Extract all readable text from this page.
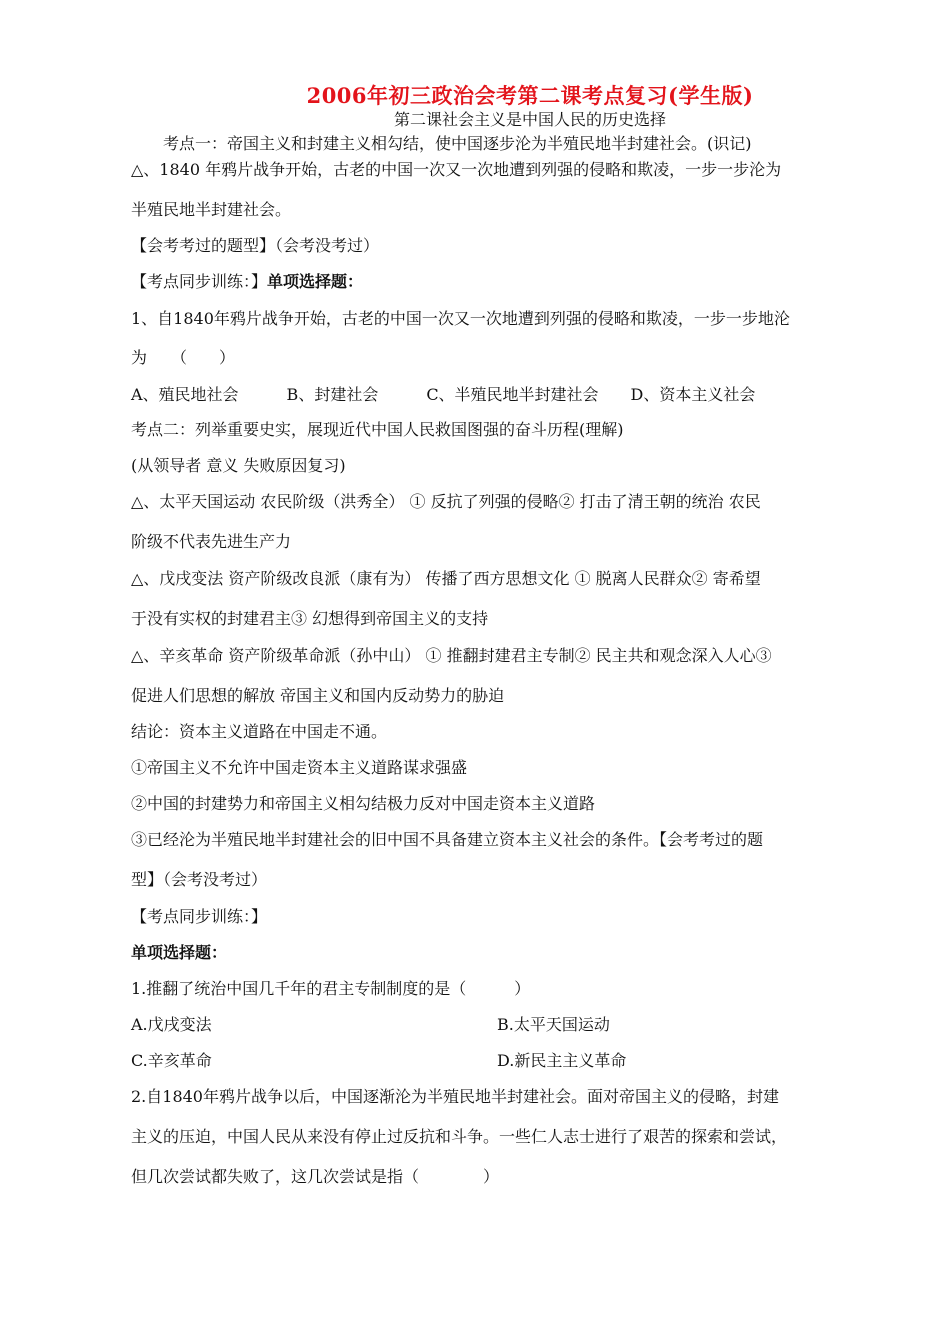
2006年初三政治会考第二课考点复习(学生版)
第二课社会主义是中国人民的历史选择
考点一：帝国主义和封建主义相勾结，使中国逐步沦为半殖民地半封建社会。(识记)
△、1840 年鸦片战争开始，古老的中国一次又一次地遭到列强的侵略和欺凌，一步一步沦为
半殖民地半封建社会。
【会考考过的题型】（会考没考过）
【考点同步训练：】单项选择题：
1、自1840年鸦片战争开始，古老的中国一次又一次地遭到列强的侵略和欺凌，一步一步地沦
为　　（　　）
A、殖民地社会　　　B、封建社会　　　C、半殖民地半封建社会　　D、资本主义社会
考点二：列举重要史实，展现近代中国人民救国图强的奋斗历程(理解)
(从领导者 意义 失败原因复习)
△、太平天国运动 农民阶级（洪秀全） ① 反抗了列强的侵略② 打击了清王朝的统治 农民
阶级不代表先进生产力
△、戊戌变法 资产阶级改良派（康有为） 传播了西方思想文化 ① 脱离人民群众② 寄希望
于没有实权的封建君主③ 幻想得到帝国主义的支持
△、辛亥革命 资产阶级革命派（孙中山） ① 推翻封建君主专制② 民主共和观念深入人心③
促进人们思想的解放 帝国主义和国内反动势力的胁迫
结论：资本主义道路在中国走不通。
①帝国主义不允许中国走资本主义道路谋求强盛
②中国的封建势力和帝国主义相勾结极力反对中国走资本主义道路
③已经沦为半殖民地半封建社会的旧中国不具备建立资本主义社会的条件。【会考考过的题
型】（会考没考过）
【考点同步训练：】
单项选择题：
1.推翻了统治中国几千年的君主专制制度的是（　　　）
A.戊戌变法	B.太平天国运动
C.辛亥革命	D.新民主主义革命
2.自1840年鸦片战争以后，中国逐渐沦为半殖民地半封建社会。面对帝国主义的侵略，封建
主义的压迫，中国人民从来没有停止过反抗和斗争。一些仁人志士进行了艰苦的探索和尝试，
但几次尝试都失败了，这几次尝试是指（　　　　）
